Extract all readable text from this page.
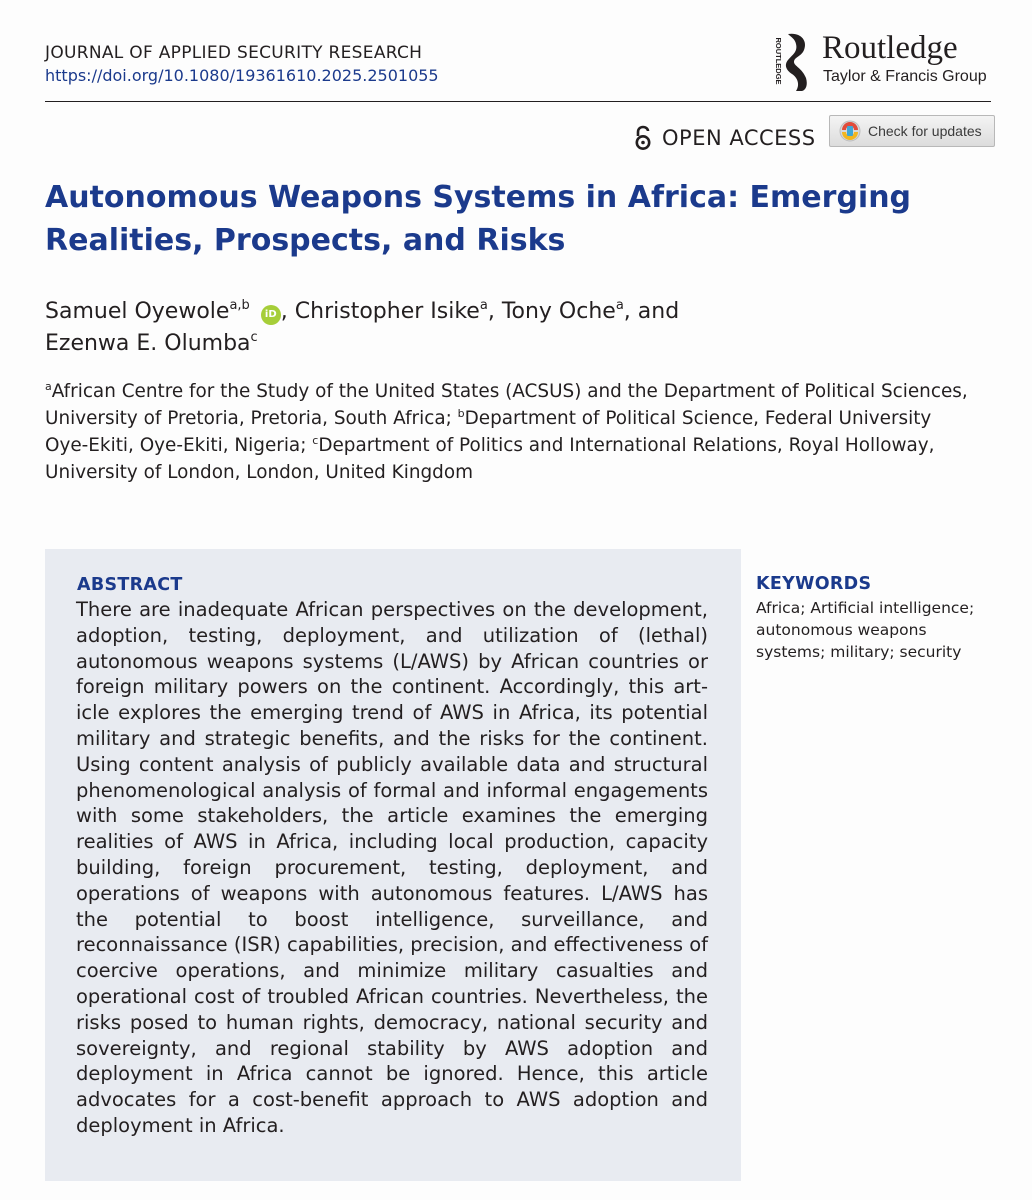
JOURNAL OF APPLIED SECURITY RESEARCH
https://doi.org/10.1080/19361610.2025.2501055	ROUTLEDGE Routledge
Taylor & Francis Group
OPEN ACCESS	Check for updates
Autonomous Weapons Systems in Africa: Emerging Realities, Prospects, and Risks
Samuel Oyewole$^{a,b}$ iD , Christopher Isike$^a$, Tony Oche$^a$, and
Ezenwa E. Olumba$^c$
$^a$African Centre for the Study of the United States (ACSUS) and the Department of Political Sciences, University of Pretoria, Pretoria, South Africa; $^b$Department of Political Science, Federal University Oye-Ekiti, Oye-Ekiti, Nigeria; $^c$Department of Politics and International Relations, Royal Holloway, University of London, London, United Kingdom
ABSTRACT

There are inadequate African perspectives on the development, adoption, testing, deployment, and utilization of (lethal) autonomous weapons systems (L/AWS) by African countries or foreign military powers on the continent. Accordingly, this article explores the emerging trend of AWS in Africa, its potential military and strategic benefits, and the risks for the continent. Using content analysis of publicly available data and structural phenomenological analysis of formal and informal engagements with some stakeholders, the article examines the emerging realities of AWS in Africa, including local production, capacity building, foreign procurement, testing, deployment, and operations of weapons with autonomous features. L/AWS has the potential to boost intelligence, surveillance, and reconnaissance (ISR) capabilities, precision, and effectiveness of coercive operations, and minimize military casualties and operational cost of troubled African countries. Nevertheless, the risks posed to human rights, democracy, national security and sovereignty, and regional stability by AWS adoption and deployment in Africa cannot be ignored. Hence, this article advocates for a cost-benefit approach to AWS adoption and deployment in Africa.

KEYWORDS

Africa; Artificial intelligence; autonomous weapons systems; military; security
